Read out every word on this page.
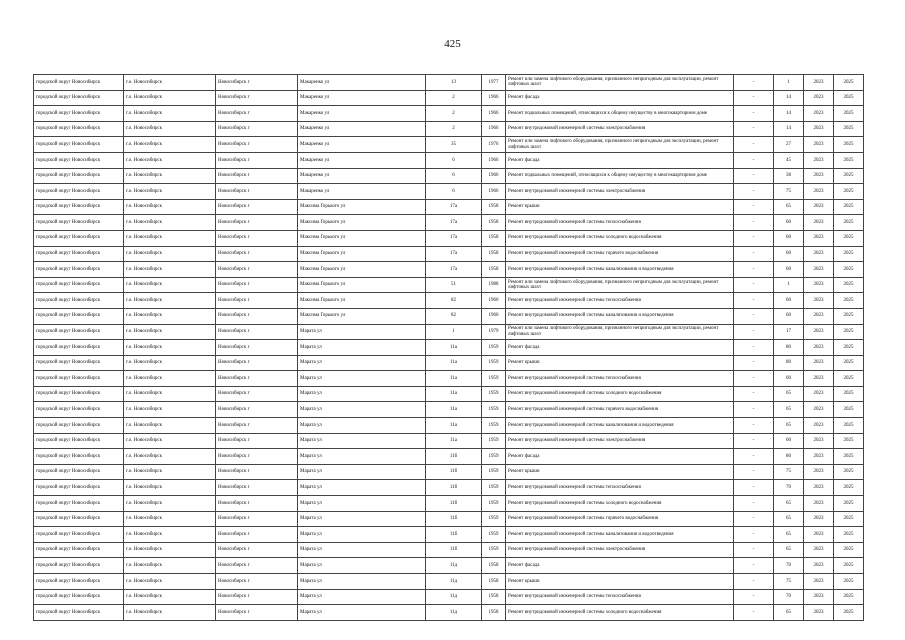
425
городской округ Новосибирск	г.о. Новосибирск	Новосибирск г	Макаренко ул	13	1977	Ремонт или замена лифтового оборудования, признанного непригодным для эксплуатации, ремонт лифтовых шахт	-	1	2023	2025
городской округ Новосибирск	г.о. Новосибирск	Новосибирск г	Макаренко ул	2	1966	Ремонт фасада	-	14	2023	2025
городской округ Новосибирск	г.о. Новосибирск	Новосибирск г	Макаренко ул	2	1966	Ремонт подвальных помещений, относящихся к общему имуществу в многоквартирном доме	-	14	2023	2025
городской округ Новосибирск	г.о. Новосибирск	Новосибирск г	Макаренко ул	2	1966	Ремонт внутридомовой инженерной системы электроснабжения	-	14	2023	2025
городской округ Новосибирск	г.о. Новосибирск	Новосибирск г	Макаренко ул	35	1976	Ремонт или замена лифтового оборудования, признанного непригодным для эксплуатации, ремонт лифтовых шахт	-	27	2023	2025
городской округ Новосибирск	г.о. Новосибирск	Новосибирск г	Макаренко ул	6	1966	Ремонт фасада	-	45	2023	2025
городской округ Новосибирск	г.о. Новосибирск	Новосибирск г	Макаренко ул	6	1966	Ремонт подвальных помещений, относящихся к общему имуществу в многоквартирном доме	-	38	2023	2025
городской округ Новосибирск	г.о. Новосибирск	Новосибирск г	Макаренко ул	6	1966	Ремонт внутридомовой инженерной системы электроснабжения	-	75	2023	2025
городской округ Новосибирск	г.о. Новосибирск	Новосибирск г	Максима Горького ул	17а	1958	Ремонт крыши	-	65	2023	2025
городской округ Новосибирск	г.о. Новосибирск	Новосибирск г	Максима Горького ул	17а	1958	Ремонт внутридомовой инженерной системы теплоснабжения	-	60	2023	2025
городской округ Новосибирск	г.о. Новосибирск	Новосибирск г	Максима Горького ул	17а	1958	Ремонт внутридомовой инженерной системы холодного водоснабжения	-	60	2023	2025
городской округ Новосибирск	г.о. Новосибирск	Новосибирск г	Максима Горького ул	17а	1958	Ремонт внутридомовой инженерной системы горячего водоснабжения	-	60	2023	2025
городской округ Новосибирск	г.о. Новосибирск	Новосибирск г	Максима Горького ул	17а	1958	Ремонт внутридомовой инженерной системы канализования и водоотведения	-	60	2023	2025
городской округ Новосибирск	г.о. Новосибирск	Новосибирск г	Максима Горького ул	51	1988	Ремонт или замена лифтового оборудования, признанного непригодным для эксплуатации, ремонт лифтовых шахт	-	1	2023	2025
городской округ Новосибирск	г.о. Новосибирск	Новосибирск г	Максима Горького ул	82	1960	Ремонт внутридомовой инженерной системы теплоснабжения	-	60	2023	2025
городской округ Новосибирск	г.о. Новосибирск	Новосибирск г	Максима Горького ул	82	1960	Ремонт внутридомовой инженерной системы канализования и водоотведения	-	60	2023	2025
городской округ Новосибирск	г.о. Новосибирск	Новосибирск г	Марата ул	1	1979	Ремонт или замена лифтового оборудования, признанного непригодным для эксплуатации, ремонт лифтовых шахт	-	17	2023	2025
городской округ Новосибирск	г.о. Новосибирск	Новосибирск г	Марата ул	11а	1959	Ремонт фасада	-	80	2023	2025
городской округ Новосибирск	г.о. Новосибирск	Новосибирск г	Марата ул	11а	1959	Ремонт крыши	-	80	2023	2025
городской округ Новосибирск	г.о. Новосибирск	Новосибирск г	Марата ул	11а	1959	Ремонт внутридомовой инженерной системы теплоснабжения	-	60	2023	2025
городской округ Новосибирск	г.о. Новосибирск	Новосибирск г	Марата ул	11а	1959	Ремонт внутридомовой инженерной системы холодного водоснабжения	-	65	2023	2025
городской округ Новосибирск	г.о. Новосибирск	Новосибирск г	Марата ул	11а	1959	Ремонт внутридомовой инженерной системы горячего водоснабжения	-	65	2023	2025
городской округ Новосибирск	г.о. Новосибирск	Новосибирск г	Марата ул	11а	1959	Ремонт внутридомовой инженерной системы канализования и водоотведения	-	65	2023	2025
городской округ Новосибирск	г.о. Новосибирск	Новосибирск г	Марата ул	11а	1959	Ремонт внутридомовой инженерной системы электроснабжения	-	60	2023	2025
городской округ Новосибирск	г.о. Новосибирск	Новосибирск г	Марата ул	11б	1959	Ремонт фасада	-	80	2023	2025
городской округ Новосибирск	г.о. Новосибирск	Новосибирск г	Марата ул	11б	1959	Ремонт крыши	-	75	2023	2025
городской округ Новосибирск	г.о. Новосибирск	Новосибирск г	Марата ул	11б	1959	Ремонт внутридомовой инженерной системы теплоснабжения	-	70	2023	2025
городской округ Новосибирск	г.о. Новосибирск	Новосибирск г	Марата ул	11б	1959	Ремонт внутридомовой инженерной системы холодного водоснабжения	-	65	2023	2025
городской округ Новосибирск	г.о. Новосибирск	Новосибирск г	Марата ул	11б	1959	Ремонт внутридомовой инженерной системы горячего водоснабжения	-	65	2023	2025
городской округ Новосибирск	г.о. Новосибирск	Новосибирск г	Марата ул	11б	1959	Ремонт внутридомовой инженерной системы канализования и водоотведения	-	65	2023	2025
городской округ Новосибирск	г.о. Новосибирск	Новосибирск г	Марата ул	11б	1959	Ремонт внутридомовой инженерной системы электроснабжения	-	65	2023	2025
городской округ Новосибирск	г.о. Новосибирск	Новосибирск г	Марата ул	11д	1958	Ремонт фасада	-	70	2023	2025
городской округ Новосибирск	г.о. Новосибирск	Новосибирск г	Марата ул	11д	1958	Ремонт крыши	-	75	2023	2025
городской округ Новосибирск	г.о. Новосибирск	Новосибирск г	Марата ул	11д	1958	Ремонт внутридомовой инженерной системы теплоснабжения	-	70	2023	2025
городской округ Новосибирск	г.о. Новосибирск	Новосибирск г	Марата ул	11д	1958	Ремонт внутридомовой инженерной системы холодного водоснабжения	-	65	2023	2025
